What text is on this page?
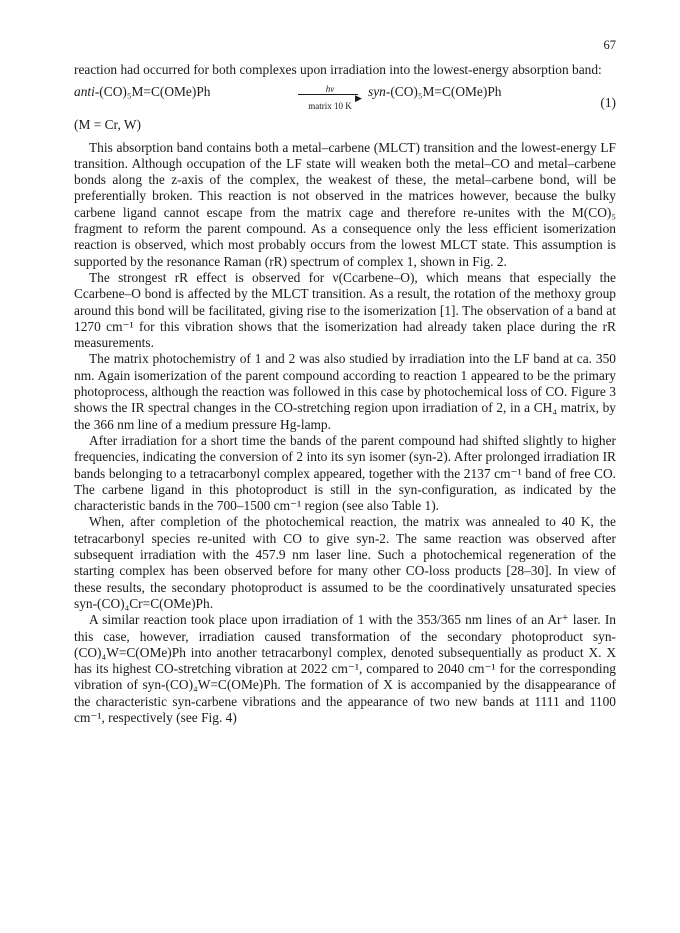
67

reaction had occurred for both complexes upon irradiation into the lowest-energy absorption band:

anti-(CO)₅M=C(OMe)Ph	hν
▶
matrix 10 K
syn-(CO)₅M=C(OMe)Ph
(1)

(M = Cr, W)

This absorption band contains both a metal–carbene (MLCT) transition and the lowest-energy LF transition. Although occupation of the LF state will weaken both the metal–CO and metal–carbene bonds along the z-axis of the complex, the weakest of these, the metal–carbene bond, will be preferentially broken. This reaction is not observed in the matrices however, because the bulky carbene ligand cannot escape from the matrix cage and therefore re-unites with the M(CO)₅ fragment to reform the parent compound. As a consequence only the less efficient isomerization reaction is observed, which most probably occurs from the lowest MLCT state. This assumption is supported by the resonance Raman (rR) spectrum of complex 1, shown in Fig. 2.

The strongest rR effect is observed for ν(Ccarbene–O), which means that especially the Ccarbene–O bond is affected by the MLCT transition. As a result, the rotation of the methoxy group around this bond will be facilitated, giving rise to the isomerization [1]. The observation of a band at 1270 cm⁻¹ for this vibration shows that the isomerization had already taken place during the rR measurements.

The matrix photochemistry of 1 and 2 was also studied by irradiation into the LF band at ca. 350 nm. Again isomerization of the parent compound according to reaction 1 appeared to be the primary photoprocess, although the reaction was followed in this case by photochemical loss of CO. Figure 3 shows the IR spectral changes in the CO-stretching region upon irradiation of 2, in a CH₄ matrix, by the 366 nm line of a medium pressure Hg-lamp.

After irradiation for a short time the bands of the parent compound had shifted slightly to higher frequencies, indicating the conversion of 2 into its syn isomer (syn-2). After prolonged irradiation IR bands belonging to a tetracarbonyl complex appeared, together with the 2137 cm⁻¹ band of free CO. The carbene ligand in this photoproduct is still in the syn-configuration, as indicated by the characteristic bands in the 700–1500 cm⁻¹ region (see also Table 1).

When, after completion of the photochemical reaction, the matrix was annealed to 40 K, the tetracarbonyl species re-united with CO to give syn-2. The same reaction was observed after subsequent irradiation with the 457.9 nm laser line. Such a photochemical regeneration of the starting complex has been observed before for many other CO-loss products [28–30]. In view of these results, the secondary photoproduct is assumed to be the coordinatively unsaturated species syn-(CO)₄Cr=C(OMe)Ph.

A similar reaction took place upon irradiation of 1 with the 353/365 nm lines of an Ar⁺ laser. In this case, however, irradiation caused transformation of the secondary photoproduct syn-(CO)₄W=C(OMe)Ph into another tetracarbonyl complex, denoted subsequentially as product X. X has its highest CO-stretching vibration at 2022 cm⁻¹, compared to 2040 cm⁻¹ for the corresponding vibration of syn-(CO)₄W=C(OMe)Ph. The formation of X is accompanied by the disappearance of the characteristic syn-carbene vibrations and the appearance of two new bands at 1111 and 1100 cm⁻¹, respectively (see Fig. 4)
